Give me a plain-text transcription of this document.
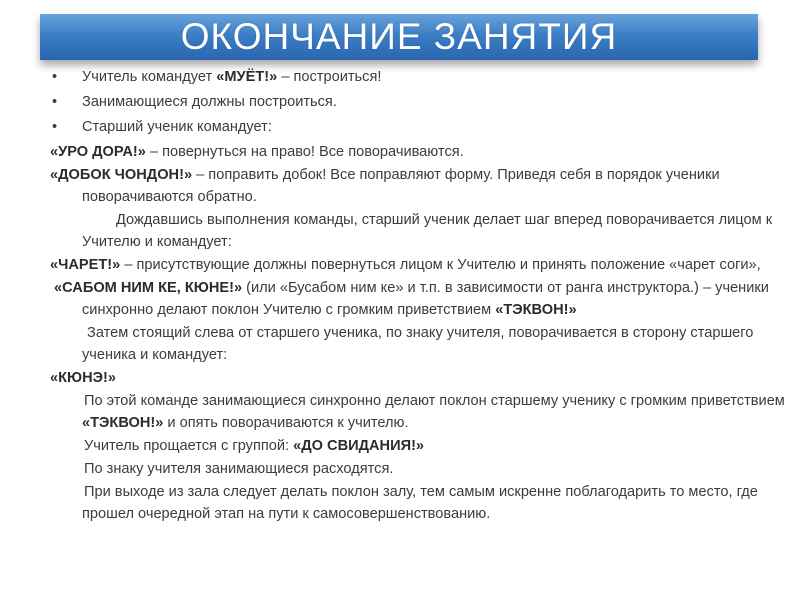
ОКОНЧАНИЕ ЗАНЯТИЯ
• Учитель командует «МУЁТ!» – построиться!
• Занимающиеся должны построиться.
• Старший ученик командует:
«УРО ДОРА!» – повернуться на право! Все поворачиваются.
«ДОБОК ЧОНДОН!» – поправить добок! Все поправляют форму. Приведя себя в порядок ученики поворачиваются обратно.
Дождавшись выполнения команды, старший ученик делает шаг вперед поворачивается лицом к Учителю и командует:
«ЧАРЕТ!» – присутствующие должны повернуться лицом к Учителю и принять положение «чарет соги»,
«САБОМ НИМ КЕ, КЮНЕ!» (или «Бусабом ним ке» и т.п. в зависимости от ранга инструктора.) – ученики синхронно делают поклон Учителю с громким приветствием «ТЭКВОН!»
Затем стоящий слева от старшего ученика, по знаку учителя, поворачивается в сторону старшего ученика и командует:
«КЮНЭ!»
По этой команде занимающиеся синхронно делают поклон старшему ученику с громким приветствием «ТЭКВОН!» и опять поворачиваются к учителю.
Учитель прощается с группой: «ДО СВИДАНИЯ!»
По знаку учителя занимающиеся расходятся.
При выходе из зала следует делать поклон залу, тем самым искренне поблагодарить то место, где прошел очередной этап на пути к самосовершенствованию.
